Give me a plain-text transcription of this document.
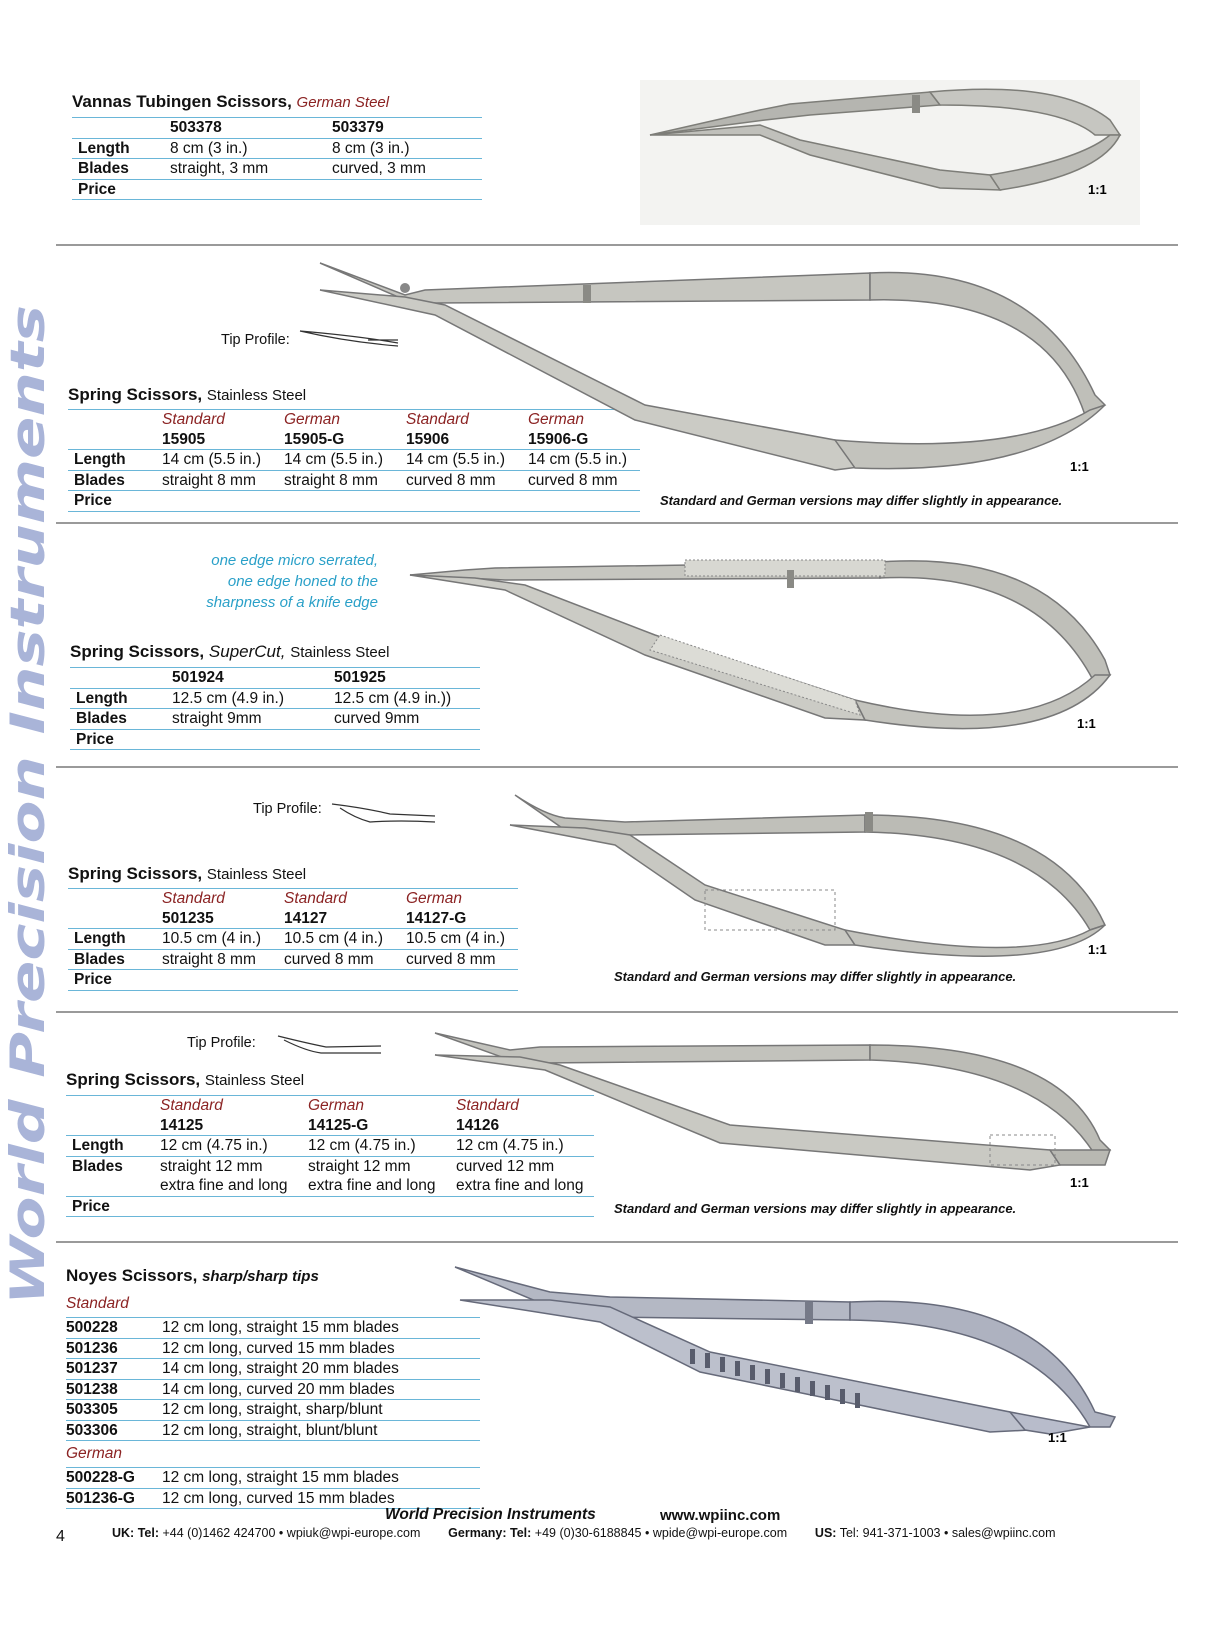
World Precision Instruments
Vannas Tubingen Scissors, German Steel
	503378	503379
Length	8 cm (3 in.)	8 cm (3 in.)
Blades	straight, 3 mm	curved, 3 mm
Price			1:1
Tip Profile:
Spring Scissors, Stainless Steel
	Standard	German	Standard	German
	15905	15905-G	15906	15906-G
Length	14 cm (5.5 in.)	14 cm (5.5 in.)	14 cm (5.5 in.)	14 cm (5.5 in.)
Blades	straight 8 mm	straight 8 mm	curved 8 mm	curved 8 mm
Price				
1:1
Standard and German versions may differ slightly in appearance.
one edge micro serrated,
one edge honed to the
sharpness of a knife edge
Spring Scissors, SuperCut, Stainless Steel
	501924	501925
Length	12.5 cm (4.9 in.)	12.5 cm (4.9 in.))
Blades	straight 9mm	curved 9mm
Price		
1:1
Tip Profile:
Spring Scissors, Stainless Steel
	Standard	Standard	German
	501235	14127	14127-G
Length	10.5 cm (4 in.)	10.5 cm (4 in.)	10.5 cm (4 in.)
Blades	straight 8 mm	curved 8 mm	curved 8 mm
Price			
1:1
Standard and German versions may differ slightly in appearance.
Tip Profile:
Spring Scissors, Stainless Steel
	Standard	German	Standard
	14125	14125-G	14126
Length	12 cm (4.75 in.)	12 cm (4.75 in.)	12 cm (4.75 in.)
Blades	straight 12 mm	straight 12 mm	curved 12 mm
	extra fine and long	extra fine and long	extra fine and long
Price			
1:1
Standard and German versions may differ slightly in appearance.
Noyes Scissors, sharp/sharp tips
Standard	
500228	12 cm long, straight 15 mm blades
501236	12 cm long, curved 15 mm blades
501237	14 cm long, straight 20 mm blades
501238	14 cm long, curved 20 mm blades
503305	12 cm long, straight, sharp/blunt
503306	12 cm long, straight, blunt/blunt
German	
500228-G	12 cm long, straight 15 mm blades
501236-G	12 cm long, curved 15 mm blades
1:1
4
World Precision Instruments	www.wpiinc.com
UK: Tel: +44 (0)1462 424700 • wpiuk@wpi-europe.com Germany: Tel: +49 (0)30-6188845 • wpide@wpi-europe.com US: Tel: 941-371-1003 • sales@wpiinc.com
